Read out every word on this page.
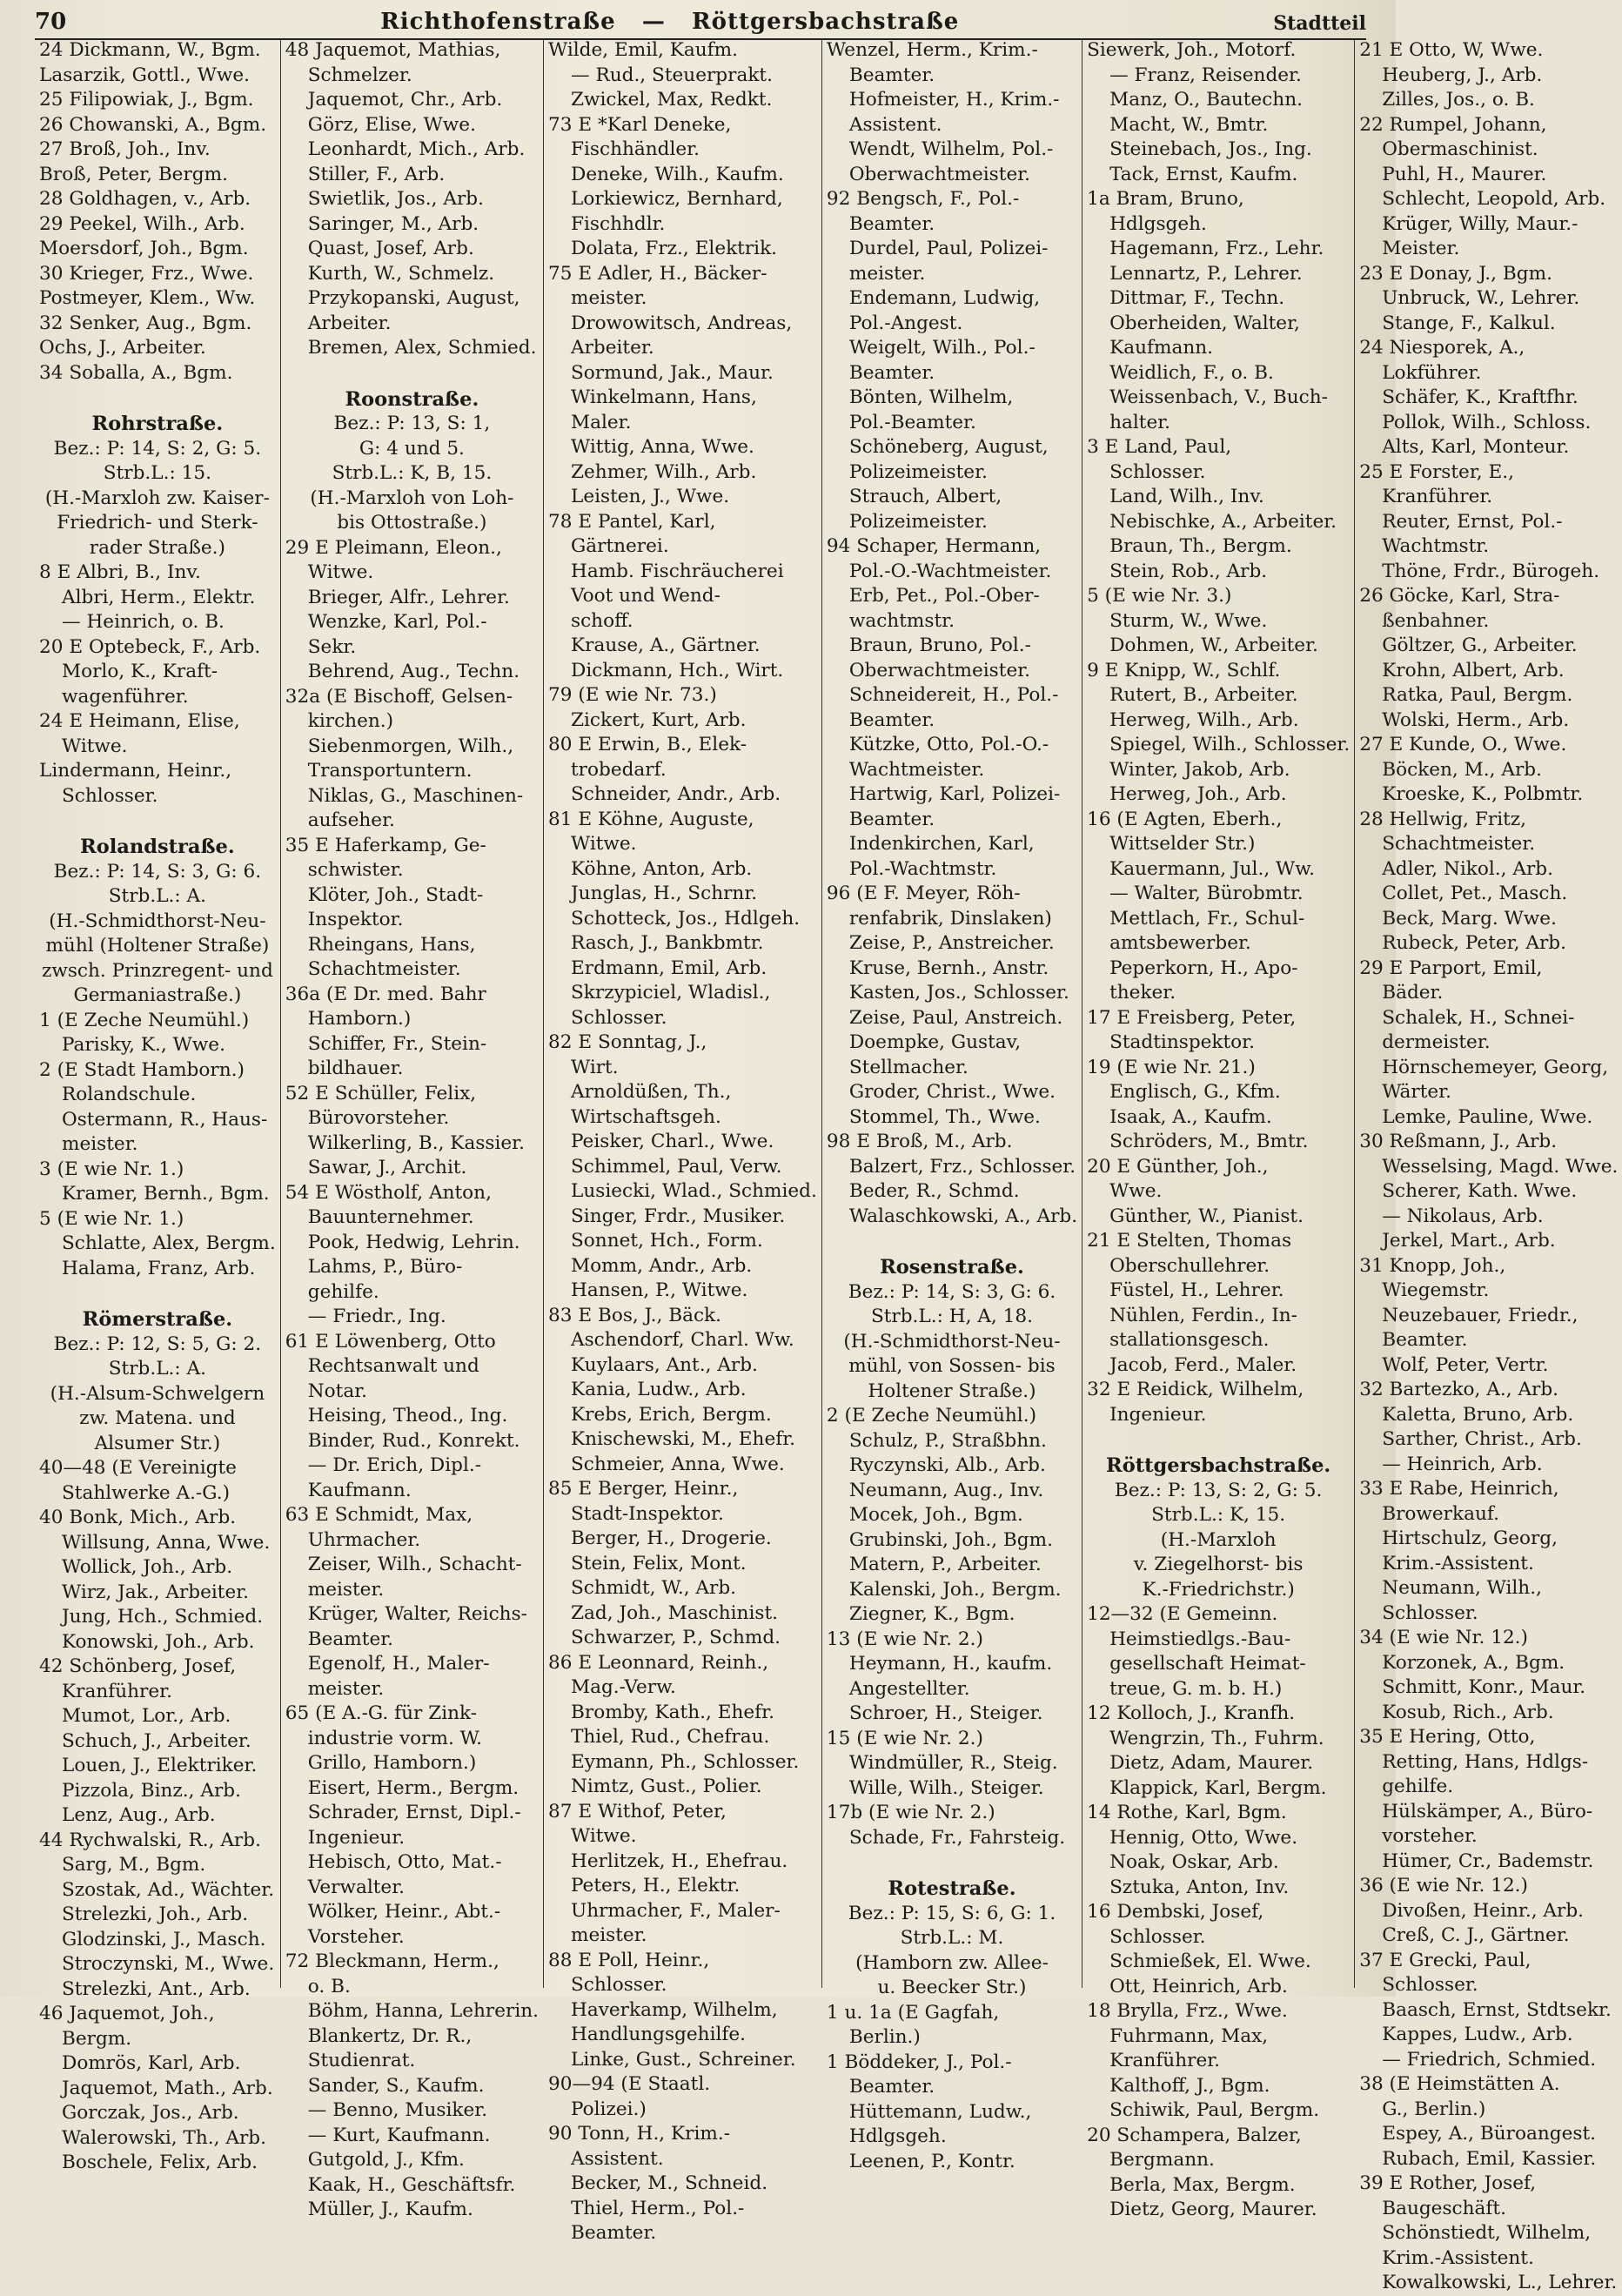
70	Richthofenstraße — Röttgersbachstraße	Stadtteil
24 Dickmann, W., Bgm.
Lasarzik, Gottl., Wwe.
25 Filipowiak, J., Bgm.
26 Chowanski, A., Bgm.
27 Broß, Joh., Inv.
Broß, Peter, Bergm.
28 Goldhagen, v., Arb.
29 Peekel, Wilh., Arb.
Moersdorf, Joh., Bgm.
30 Krieger, Frz., Wwe.
Postmeyer, Klem., Ww.
32 Senker, Aug., Bgm.
Ochs, J., Arbeiter.
34 Soballa, A., Bgm.
Rohrstraße.
Bez.: P: 14, S: 2, G: 5.
Strb.L.: 15.
(H.-Marxloh zw. Kaiser-
Friedrich- und Sterk-
rader Straße.)
8 E Albri, B., Inv.
Albri, Herm., Elektr.
— Heinrich, o. B.
20 E Optebeck, F., Arb.
Morlo, K., Kraft-
wagenführer.
24 E Heimann, Elise,
Witwe.
Lindermann, Heinr.,
Schlosser.
Rolandstraße.
Bez.: P: 14, S: 3, G: 6.
Strb.L.: A.
(H.-Schmidthorst-Neu-
mühl (Holtener Straße)
zwsch. Prinzregent- und
Germaniastraße.)
1 (E Zeche Neumühl.)
Parisky, K., Wwe.
2 (E Stadt Hamborn.)
Rolandschule.
Ostermann, R., Haus-
meister.
3 (E wie Nr. 1.)
Kramer, Bernh., Bgm.
5 (E wie Nr. 1.)
Schlatte, Alex, Bergm.
Halama, Franz, Arb.
Römerstraße.
Bez.: P: 12, S: 5, G: 2.
Strb.L.: A.
(H.-Alsum-Schwelgern
zw. Matena. und
Alsumer Str.)
40—48 (E Vereinigte
Stahlwerke A.-G.)
40 Bonk, Mich., Arb.
Willsung, Anna, Wwe.
Wollick, Joh., Arb.
Wirz, Jak., Arbeiter.
Jung, Hch., Schmied.
Konowski, Joh., Arb.
42 Schönberg, Josef,
Kranführer.
Mumot, Lor., Arb.
Schuch, J., Arbeiter.
Louen, J., Elektriker.
Pizzola, Binz., Arb.
Lenz, Aug., Arb.
44 Rychwalski, R., Arb.
Sarg, M., Bgm.
Szostak, Ad., Wächter.
Strelezki, Joh., Arb.
Glodzinski, J., Masch.
Stroczynski, M., Wwe.
Strelezki, Ant., Arb.
46 Jaquemot, Joh.,
Bergm.
Domrös, Karl, Arb.
Jaquemot, Math., Arb.
Gorczak, Jos., Arb.
Walerowski, Th., Arb.
Boschele, Felix, Arb.
48 Jaquemot, Mathias,
Schmelzer.
Jaquemot, Chr., Arb.
Görz, Elise, Wwe.
Leonhardt, Mich., Arb.
Stiller, F., Arb.
Swietlik, Jos., Arb.
Saringer, M., Arb.
Quast, Josef, Arb.
Kurth, W., Schmelz.
Przykopanski, August,
Arbeiter.
Bremen, Alex, Schmied.
Roonstraße.
Bez.: P: 13, S: 1,
G: 4 und 5.
Strb.L.: K, B, 15.
(H.-Marxloh von Loh-
bis Ottostraße.)
29 E Pleimann, Eleon.,
Witwe.
Brieger, Alfr., Lehrer.
Wenzke, Karl, Pol.-
Sekr.
Behrend, Aug., Techn.
32a (E Bischoff, Gelsen-
kirchen.)
Siebenmorgen, Wilh.,
Transportuntern.
Niklas, G., Maschinen-
aufseher.
35 E Haferkamp, Ge-
schwister.
Klöter, Joh., Stadt-
Inspektor.
Rheingans, Hans,
Schachtmeister.
36a (E Dr. med. Bahr
Hamborn.)
Schiffer, Fr., Stein-
bildhauer.
52 E Schüller, Felix,
Bürovorsteher.
Wilkerling, B., Kassier.
Sawar, J., Archit.
54 E Wöstholf, Anton,
Bauunternehmer.
Pook, Hedwig, Lehrin.
Lahms, P., Büro-
gehilfe.
— Friedr., Ing.
61 E Löwenberg, Otto
Rechtsanwalt und
Notar.
Heising, Theod., Ing.
Binder, Rud., Konrekt.
— Dr. Erich, Dipl.-
Kaufmann.
63 E Schmidt, Max,
Uhrmacher.
Zeiser, Wilh., Schacht-
meister.
Krüger, Walter, Reichs-
Beamter.
Egenolf, H., Maler-
meister.
65 (E A.-G. für Zink-
industrie vorm. W.
Grillo, Hamborn.)
Eisert, Herm., Bergm.
Schrader, Ernst, Dipl.-
Ingenieur.
Hebisch, Otto, Mat.-
Verwalter.
Wölker, Heinr., Abt.-
Vorsteher.
72 Bleckmann, Herm.,
o. B.
Böhm, Hanna, Lehrerin.
Blankertz, Dr. R.,
Studienrat.
Sander, S., Kaufm.
— Benno, Musiker.
— Kurt, Kaufmann.
Gutgold, J., Kfm.
Kaak, H., Geschäftsfr.
Müller, J., Kaufm.
Wilde, Emil, Kaufm.
— Rud., Steuerprakt.
Zwickel, Max, Redkt.
73 E *Karl Deneke,
Fischhändler.
Deneke, Wilh., Kaufm.
Lorkiewicz, Bernhard,
Fischhdlr.
Dolata, Frz., Elektrik.
75 E Adler, H., Bäcker-
meister.
Drowowitsch, Andreas,
Arbeiter.
Sormund, Jak., Maur.
Winkelmann, Hans,
Maler.
Wittig, Anna, Wwe.
Zehmer, Wilh., Arb.
Leisten, J., Wwe.
78 E Pantel, Karl,
Gärtnerei.
Hamb. Fischräucherei
Voot und Wend-
schoff.
Krause, A., Gärtner.
Dickmann, Hch., Wirt.
79 (E wie Nr. 73.)
Zickert, Kurt, Arb.
80 E Erwin, B., Elek-
trobedarf.
Schneider, Andr., Arb.
81 E Köhne, Auguste,
Witwe.
Köhne, Anton, Arb.
Junglas, H., Schrnr.
Schotteck, Jos., Hdlgeh.
Rasch, J., Bankbmtr.
Erdmann, Emil, Arb.
Skrzypiciel, Wladisl.,
Schlosser.
82 E Sonntag, J.,
Wirt.
Arnoldüßen, Th.,
Wirtschaftsgeh.
Peisker, Charl., Wwe.
Schimmel, Paul, Verw.
Lusiecki, Wlad., Schmied.
Singer, Frdr., Musiker.
Sonnet, Hch., Form.
Momm, Andr., Arb.
Hansen, P., Witwe.
83 E Bos, J., Bäck.
Aschendorf, Charl. Ww.
Kuylaars, Ant., Arb.
Kania, Ludw., Arb.
Krebs, Erich, Bergm.
Knischewski, M., Ehefr.
Schmeier, Anna, Wwe.
85 E Berger, Heinr.,
Stadt-Inspektor.
Berger, H., Drogerie.
Stein, Felix, Mont.
Schmidt, W., Arb.
Zad, Joh., Maschinist.
Schwarzer, P., Schmd.
86 E Leonnard, Reinh.,
Mag.-Verw.
Bromby, Kath., Ehefr.
Thiel, Rud., Chefrau.
Eymann, Ph., Schlosser.
Nimtz, Gust., Polier.
87 E Withof, Peter,
Witwe.
Herlitzek, H., Ehefrau.
Peters, H., Elektr.
Uhrmacher, F., Maler-
meister.
88 E Poll, Heinr.,
Schlosser.
Haverkamp, Wilhelm,
Handlungsgehilfe.
Linke, Gust., Schreiner.
90—94 (E Staatl.
Polizei.)
90 Tonn, H., Krim.-
Assistent.
Becker, M., Schneid.
Thiel, Herm., Pol.-
Beamter.
Wenzel, Herm., Krim.-
Beamter.
Hofmeister, H., Krim.-
Assistent.
Wendt, Wilhelm, Pol.-
Oberwachtmeister.
92 Bengsch, F., Pol.-
Beamter.
Durdel, Paul, Polizei-
meister.
Endemann, Ludwig,
Pol.-Angest.
Weigelt, Wilh., Pol.-
Beamter.
Bönten, Wilhelm,
Pol.-Beamter.
Schöneberg, August,
Polizeimeister.
Strauch, Albert,
Polizeimeister.
94 Schaper, Hermann,
Pol.-O.-Wachtmeister.
Erb, Pet., Pol.-Ober-
wachtmstr.
Braun, Bruno, Pol.-
Oberwachtmeister.
Schneidereit, H., Pol.-
Beamter.
Kützke, Otto, Pol.-O.-
Wachtmeister.
Hartwig, Karl, Polizei-
Beamter.
Indenkirchen, Karl,
Pol.-Wachtmstr.
96 (E F. Meyer, Röh-
renfabrik, Dinslaken)
Zeise, P., Anstreicher.
Kruse, Bernh., Anstr.
Kasten, Jos., Schlosser.
Zeise, Paul, Anstreich.
Doempke, Gustav,
Stellmacher.
Groder, Christ., Wwe.
Stommel, Th., Wwe.
98 E Broß, M., Arb.
Balzert, Frz., Schlosser.
Beder, R., Schmd.
Walaschkowski, A., Arb.
Rosenstraße.
Bez.: P: 14, S: 3, G: 6.
Strb.L.: H, A, 18.
(H.-Schmidthorst-Neu-
mühl, von Sossen- bis
Holtener Straße.)
2 (E Zeche Neumühl.)
Schulz, P., Straßbhn.
Ryczynski, Alb., Arb.
Neumann, Aug., Inv.
Mocek, Joh., Bgm.
Grubinski, Joh., Bgm.
Matern, P., Arbeiter.
Kalenski, Joh., Bergm.
Ziegner, K., Bgm.
13 (E wie Nr. 2.)
Heymann, H., kaufm.
Angestellter.
Schroer, H., Steiger.
15 (E wie Nr. 2.)
Windmüller, R., Steig.
Wille, Wilh., Steiger.
17b (E wie Nr. 2.)
Schade, Fr., Fahrsteig.
Rotestraße.
Bez.: P: 15, S: 6, G: 1.
Strb.L.: M.
(Hamborn zw. Allee-
u. Beecker Str.)
1 u. 1a (E Gagfah,
Berlin.)
1 Böddeker, J., Pol.-
Beamter.
Hüttemann, Ludw.,
Hdlgsgeh.
Leenen, P., Kontr.
Siewerk, Joh., Motorf.
— Franz, Reisender.
Manz, O., Bautechn.
Macht, W., Bmtr.
Steinebach, Jos., Ing.
Tack, Ernst, Kaufm.
1a Bram, Bruno,
Hdlgsgeh.
Hagemann, Frz., Lehr.
Lennartz, P., Lehrer.
Dittmar, F., Techn.
Oberheiden, Walter,
Kaufmann.
Weidlich, F., o. B.
Weissenbach, V., Buch-
halter.
3 E Land, Paul,
Schlosser.
Land, Wilh., Inv.
Nebischke, A., Arbeiter.
Braun, Th., Bergm.
Stein, Rob., Arb.
5 (E wie Nr. 3.)
Sturm, W., Wwe.
Dohmen, W., Arbeiter.
9 E Knipp, W., Schlf.
Rutert, B., Arbeiter.
Herweg, Wilh., Arb.
Spiegel, Wilh., Schlosser.
Winter, Jakob, Arb.
Herweg, Joh., Arb.
16 (E Agten, Eberh.,
Wittselder Str.)
Kauermann, Jul., Ww.
— Walter, Bürobmtr.
Mettlach, Fr., Schul-
amtsbewerber.
Peperkorn, H., Apo-
theker.
17 E Freisberg, Peter,
Stadtinspektor.
19 (E wie Nr. 21.)
Englisch, G., Kfm.
Isaak, A., Kaufm.
Schröders, M., Bmtr.
20 E Günther, Joh.,
Wwe.
Günther, W., Pianist.
21 E Stelten, Thomas
Oberschullehrer.
Füstel, H., Lehrer.
Nühlen, Ferdin., In-
stallationsgesch.
Jacob, Ferd., Maler.
32 E Reidick, Wilhelm,
Ingenieur.
Röttgersbachstraße.
Bez.: P: 13, S: 2, G: 5.
Strb.L.: K, 15.
(H.-Marxloh
v. Ziegelhorst- bis
K.-Friedrichstr.)
12—32 (E Gemeinn.
Heimstiedlgs.-Bau-
gesellschaft Heimat-
treue, G. m. b. H.)
12 Kolloch, J., Kranfh.
Wengrzin, Th., Fuhrm.
Dietz, Adam, Maurer.
Klappick, Karl, Bergm.
14 Rothe, Karl, Bgm.
Hennig, Otto, Wwe.
Noak, Oskar, Arb.
Sztuka, Anton, Inv.
16 Dembski, Josef,
Schlosser.
Schmießek, El. Wwe.
Ott, Heinrich, Arb.
18 Brylla, Frz., Wwe.
Fuhrmann, Max,
Kranführer.
Kalthoff, J., Bgm.
Schiwik, Paul, Bergm.
20 Schampera, Balzer,
Bergmann.
Berla, Max, Bergm.
Dietz, Georg, Maurer.
21 E Otto, W, Wwe.
Heuberg, J., Arb.
Zilles, Jos., o. B.
22 Rumpel, Johann,
Obermaschinist.
Puhl, H., Maurer.
Schlecht, Leopold, Arb.
Krüger, Willy, Maur.-
Meister.
23 E Donay, J., Bgm.
Unbruck, W., Lehrer.
Stange, F., Kalkul.
24 Niesporek, A.,
Lokführer.
Schäfer, K., Kraftfhr.
Pollok, Wilh., Schloss.
Alts, Karl, Monteur.
25 E Forster, E.,
Kranführer.
Reuter, Ernst, Pol.-
Wachtmstr.
Thöne, Frdr., Bürogeh.
26 Göcke, Karl, Stra-
ßenbahner.
Göltzer, G., Arbeiter.
Krohn, Albert, Arb.
Ratka, Paul, Bergm.
Wolski, Herm., Arb.
27 E Kunde, O., Wwe.
Böcken, M., Arb.
Kroeske, K., Polbmtr.
28 Hellwig, Fritz,
Schachtmeister.
Adler, Nikol., Arb.
Collet, Pet., Masch.
Beck, Marg. Wwe.
Rubeck, Peter, Arb.
29 E Parport, Emil,
Bäder.
Schalek, H., Schnei-
dermeister.
Hörnschemeyer, Georg,
Wärter.
Lemke, Pauline, Wwe.
30 Reßmann, J., Arb.
Wesselsing, Magd. Wwe.
Scherer, Kath. Wwe.
— Nikolaus, Arb.
Jerkel, Mart., Arb.
31 Knopp, Joh.,
Wiegemstr.
Neuzebauer, Friedr.,
Beamter.
Wolf, Peter, Vertr.
32 Bartezko, A., Arb.
Kaletta, Bruno, Arb.
Sarther, Christ., Arb.
— Heinrich, Arb.
33 E Rabe, Heinrich,
Browerkauf.
Hirtschulz, Georg,
Krim.-Assistent.
Neumann, Wilh.,
Schlosser.
34 (E wie Nr. 12.)
Korzonek, A., Bgm.
Schmitt, Konr., Maur.
Kosub, Rich., Arb.
35 E Hering, Otto,
Retting, Hans, Hdlgs-
gehilfe.
Hülskämper, A., Büro-
vorsteher.
Hümer, Cr., Bademstr.
36 (E wie Nr. 12.)
Divoßen, Heinr., Arb.
Creß, C. J., Gärtner.
37 E Grecki, Paul,
Schlosser.
Baasch, Ernst, Stdtsekr.
Kappes, Ludw., Arb.
— Friedrich, Schmied.
38 (E Heimstätten A.
G., Berlin.)
Espey, A., Büroangest.
Rubach, Emil, Kassier.
39 E Rother, Josef,
Baugeschäft.
Schönstiedt, Wilhelm,
Krim.-Assistent.
Kowalkowski, L., Lehrer.
